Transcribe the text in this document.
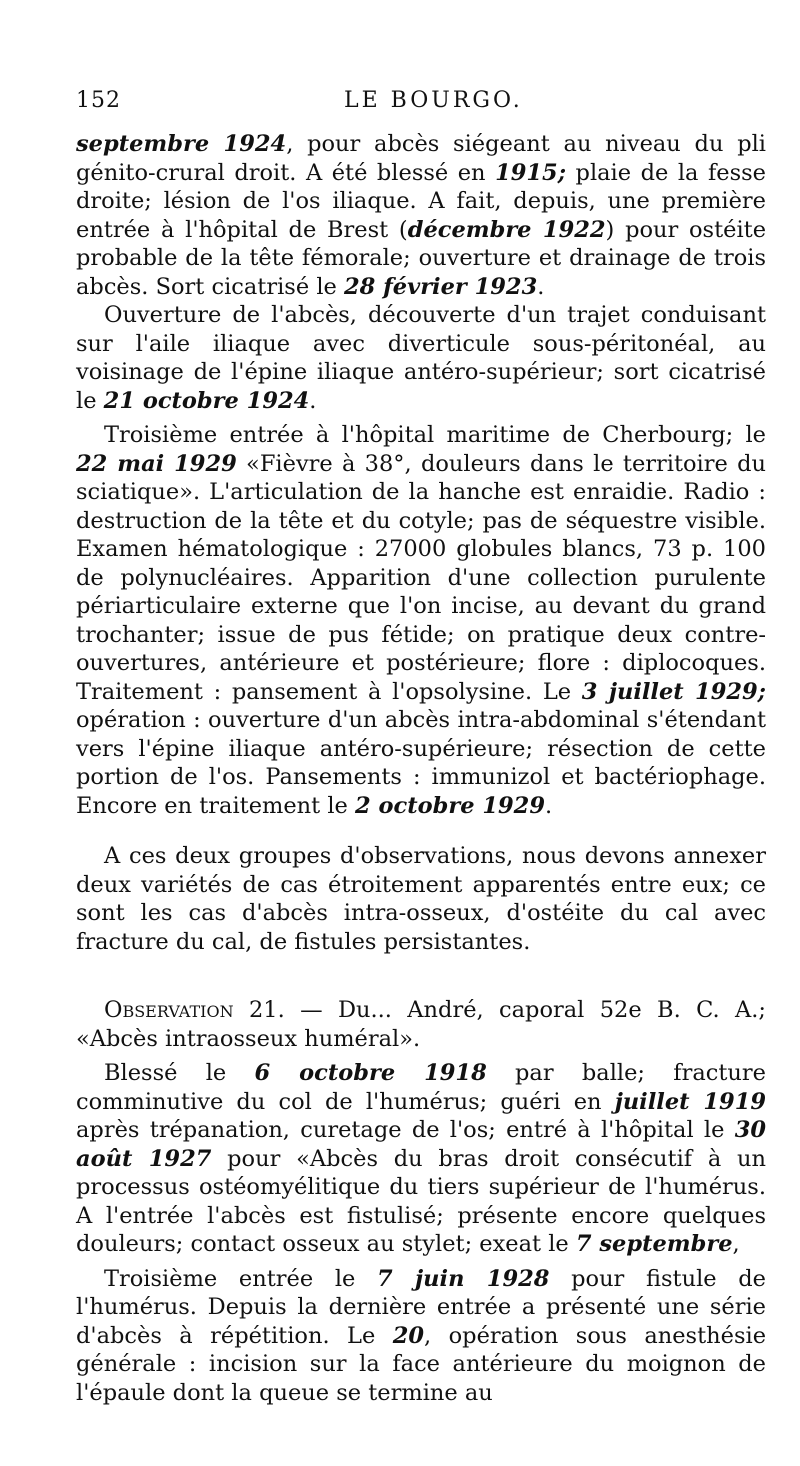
152	LE BOURGO.

septembre 1924, pour abcès siégeant au niveau du pli génito-crural droit. A été blessé en 1915; plaie de la fesse droite; lésion de l'os iliaque. A fait, depuis, une première entrée à l'hôpital de Brest (décembre 1922) pour ostéite probable de la tête fémorale; ouverture et drainage de trois abcès. Sort cicatrisé le 28 février 1923.

Ouverture de l'abcès, découverte d'un trajet conduisant sur l'aile iliaque avec diverticule sous-péritonéal, au voisinage de l'épine iliaque antéro-supérieur; sort cicatrisé le 21 octobre 1924.

Troisième entrée à l'hôpital maritime de Cherbourg; le 22 mai 1929 «Fièvre à 38°, douleurs dans le territoire du sciatique». L'articulation de la hanche est enraidie. Radio : destruction de la tête et du cotyle; pas de séquestre visible. Examen hématologique : 27000 globules blancs, 73 p. 100 de polynucléaires. Apparition d'une collection purulente périarticulaire externe que l'on incise, au devant du grand trochanter; issue de pus fétide; on pratique deux contre-ouvertures, antérieure et postérieure; flore : diplocoques. Traitement : pansement à l'opsolysine. Le 3 juillet 1929; opération : ouverture d'un abcès intra-abdominal s'étendant vers l'épine iliaque antéro-supérieure; résection de cette portion de l'os. Pansements : immunizol et bactériophage. Encore en traitement le 2 octobre 1929.

A ces deux groupes d'observations, nous devons annexer deux variétés de cas étroitement apparentés entre eux; ce sont les cas d'abcès intra-osseux, d'ostéite du cal avec fracture du cal, de fistules persistantes.

Observation 21. — Du... André, caporal 52e B. C. A.; «Abcès intraosseux huméral».

Blessé le 6 octobre 1918 par balle; fracture comminutive du col de l'humérus; guéri en juillet 1919 après trépanation, curetage de l'os; entré à l'hôpital le 30 août 1927 pour «Abcès du bras droit consécutif à un processus ostéomyélitique du tiers supérieur de l'humérus. A l'entrée l'abcès est fistulisé; présente encore quelques douleurs; contact osseux au stylet; exeat le 7 septembre,

Troisième entrée le 7 juin 1928 pour fistule de l'humérus. Depuis la dernière entrée a présenté une série d'abcès à répétition. Le 20, opération sous anesthésie générale : incision sur la face antérieure du moignon de l'épaule dont la queue se termine au
